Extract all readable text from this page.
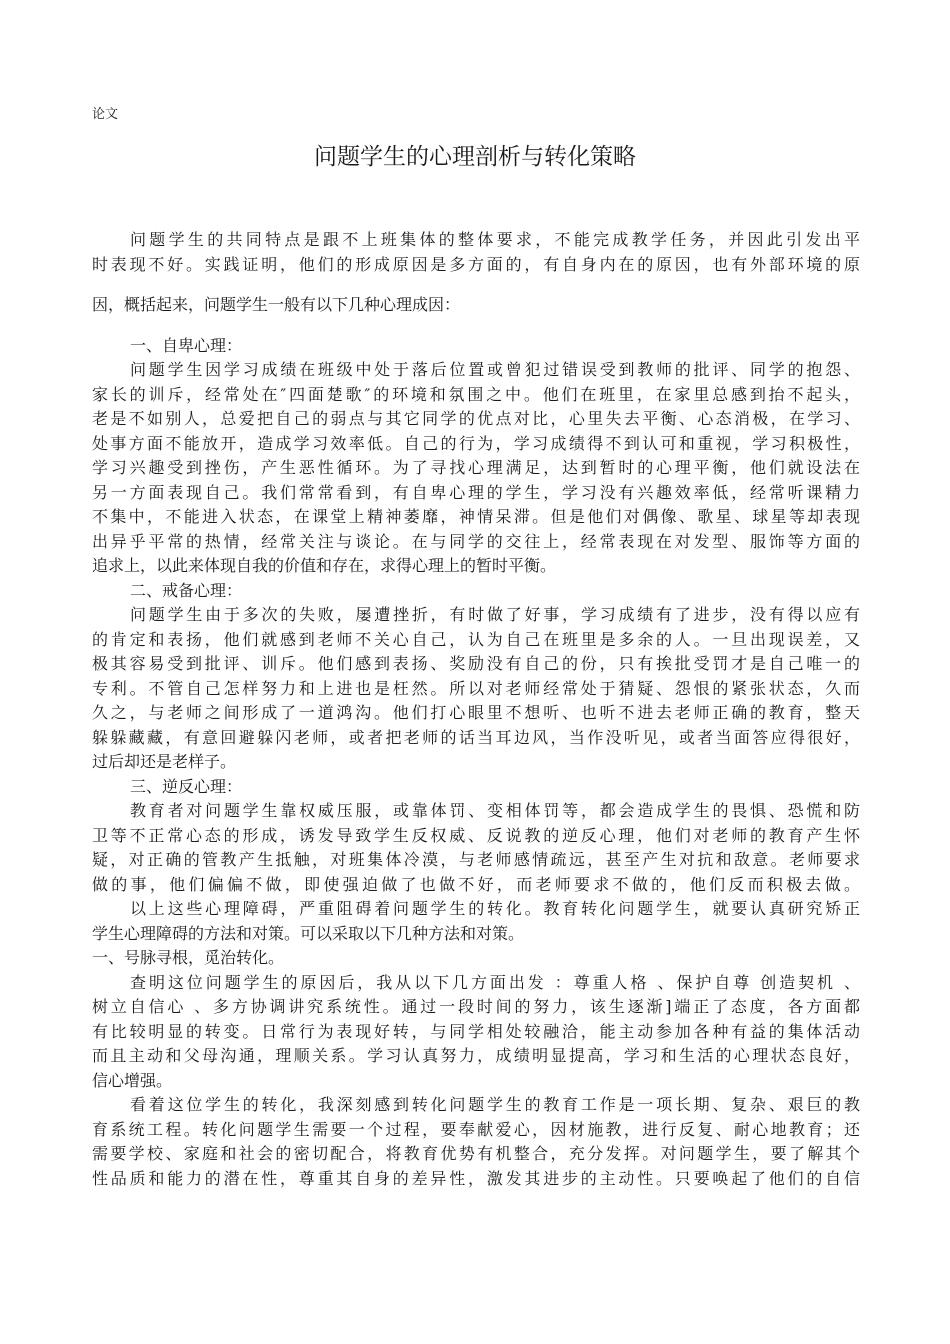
论文
问题学生的心理剖析与转化策略
问题学生的共同特点是跟不上班集体的整体要求，不能完成教学任务，并因此引发出平
时表现不好。实践证明，他们的形成原因是多方面的，有自身内在的原因，也有外部环境的原
因，概括起来，问题学生一般有以下几种心理成因：
一、自卑心理：
问题学生因学习成绩在班级中处于落后位置或曾犯过错误受到教师的批评、同学的抱怨、
家长的训斥，经常处在″四面楚歌″的环境和氛围之中。他们在班里，在家里总感到抬不起头，
老是不如别人，总爱把自己的弱点与其它同学的优点对比，心里失去平衡、心态消极，在学习、
处事方面不能放开，造成学习效率低。自己的行为，学习成绩得不到认可和重视，学习积极性，
学习兴趣受到挫伤，产生恶性循环。为了寻找心理满足，达到暂时的心理平衡，他们就设法在
另一方面表现自己。我们常常看到，有自卑心理的学生，学习没有兴趣效率低，经常听课精力
不集中，不能进入状态，在课堂上精神萎靡，神情呆滞。但是他们对偶像、歌星、球星等却表现
出异乎平常的热情，经常关注与谈论。在与同学的交往上，经常表现在对发型、服饰等方面的
追求上，以此来体现自我的价值和存在，求得心理上的暂时平衡。
二、戒备心理：
问题学生由于多次的失败，屡遭挫折，有时做了好事，学习成绩有了进步，没有得以应有
的肯定和表扬，他们就感到老师不关心自己，认为自己在班里是多余的人。一旦出现误差，又
极其容易受到批评、训斥。他们感到表扬、奖励没有自己的份，只有挨批受罚才是自己唯一的
专利。不管自己怎样努力和上进也是枉然。所以对老师经常处于猜疑、怨恨的紧张状态，久而
久之，与老师之间形成了一道鸿沟。他们打心眼里不想听、也听不进去老师正确的教育，整天
躲躲藏藏，有意回避躲闪老师，或者把老师的话当耳边风，当作没听见，或者当面答应得很好，
过后却还是老样子。
三、逆反心理：
教育者对问题学生靠权威压服，或靠体罚、变相体罚等，都会造成学生的畏惧、恐慌和防
卫等不正常心态的形成，诱发导致学生反权威、反说教的逆反心理，他们对老师的教育产生怀
疑，对正确的管教产生抵触，对班集体冷漠，与老师感情疏远，甚至产生对抗和敌意。老师要求
做的事，他们偏偏不做，即使强迫做了也做不好，而老师要求不做的，他们反而积极去做。
以上这些心理障碍，严重阻碍着问题学生的转化。教育转化问题学生，就要认真研究矫正
学生心理障碍的方法和对策。可以采取以下几种方法和对策。
一、号脉寻根，觅治转化。
查明这位问题学生的原因后，我从以下几方面出发 ：尊重人格 、保护自尊 创造契机 、
树立自信心 、多方协调讲究系统性。通过一段时间的努力，该生逐渐]端正了态度，各方面都
有比较明显的转变。日常行为表现好转，与同学相处较融洽，能主动参加各种有益的集体活动
而且主动和父母沟通，理顺关系。学习认真努力，成绩明显提高，学习和生活的心理状态良好，
信心增强。
看着这位学生的转化，我深刻感到转化问题学生的教育工作是一项长期、复杂、艰巨的教
育系统工程。转化问题学生需要一个过程，要奉献爱心，因材施教，进行反复、耐心地教育；还
需要学校、家庭和社会的密切配合，将教育优势有机整合，充分发挥。对问题学生，要了解其个
性品质和能力的潜在性，尊重其自身的差异性，激发其进步的主动性。只要唤起了他们的自信
